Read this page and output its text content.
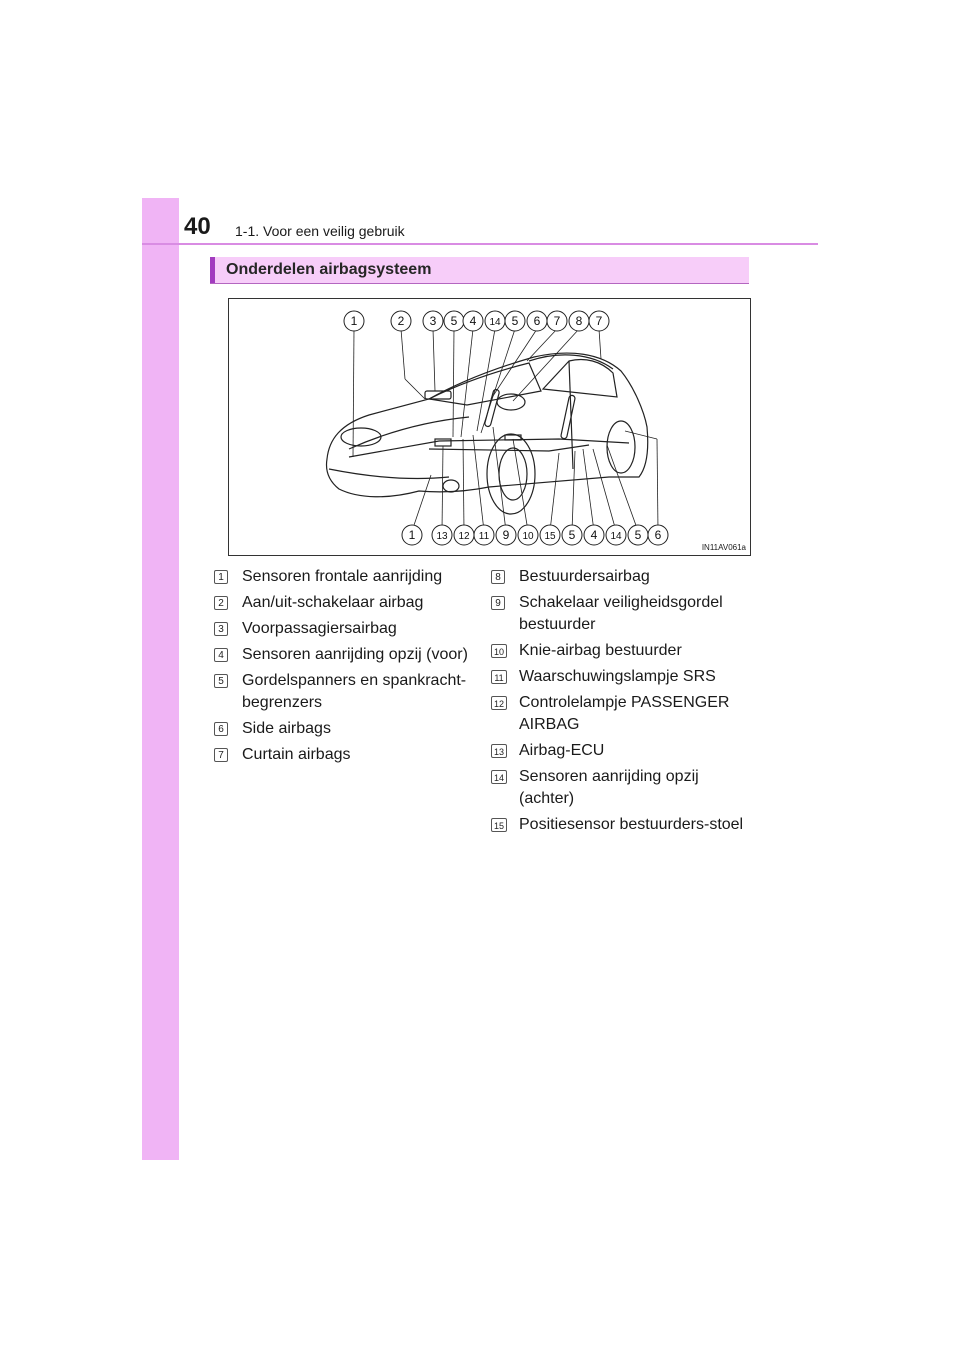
40 1-1. Voor een veilig gebruik
Onderdelen airbagsysteem
1	2 3 5 4 14 5 6 7 8 7
1 13 12 11 9 10 15 5 4 14 5 6
IN11AV061a
1 Sensoren frontale aanrijding
2 Aan/uit-schakelaar airbag
3 Voorpassagiersairbag
4 Sensoren aanrijding opzij (voor)
5 Gordelspanners en spankracht-begrenzers
6 Side airbags
7 Curtain airbags
8 Bestuurdersairbag
9 Schakelaar veiligheidsgordel bestuurder
10 Knie-airbag bestuurder
11 Waarschuwingslampje SRS
12 Controlelampje PASSENGER AIRBAG
13 Airbag-ECU
14 Sensoren aanrijding opzij (achter)
15 Positiesensor bestuurders-stoel
